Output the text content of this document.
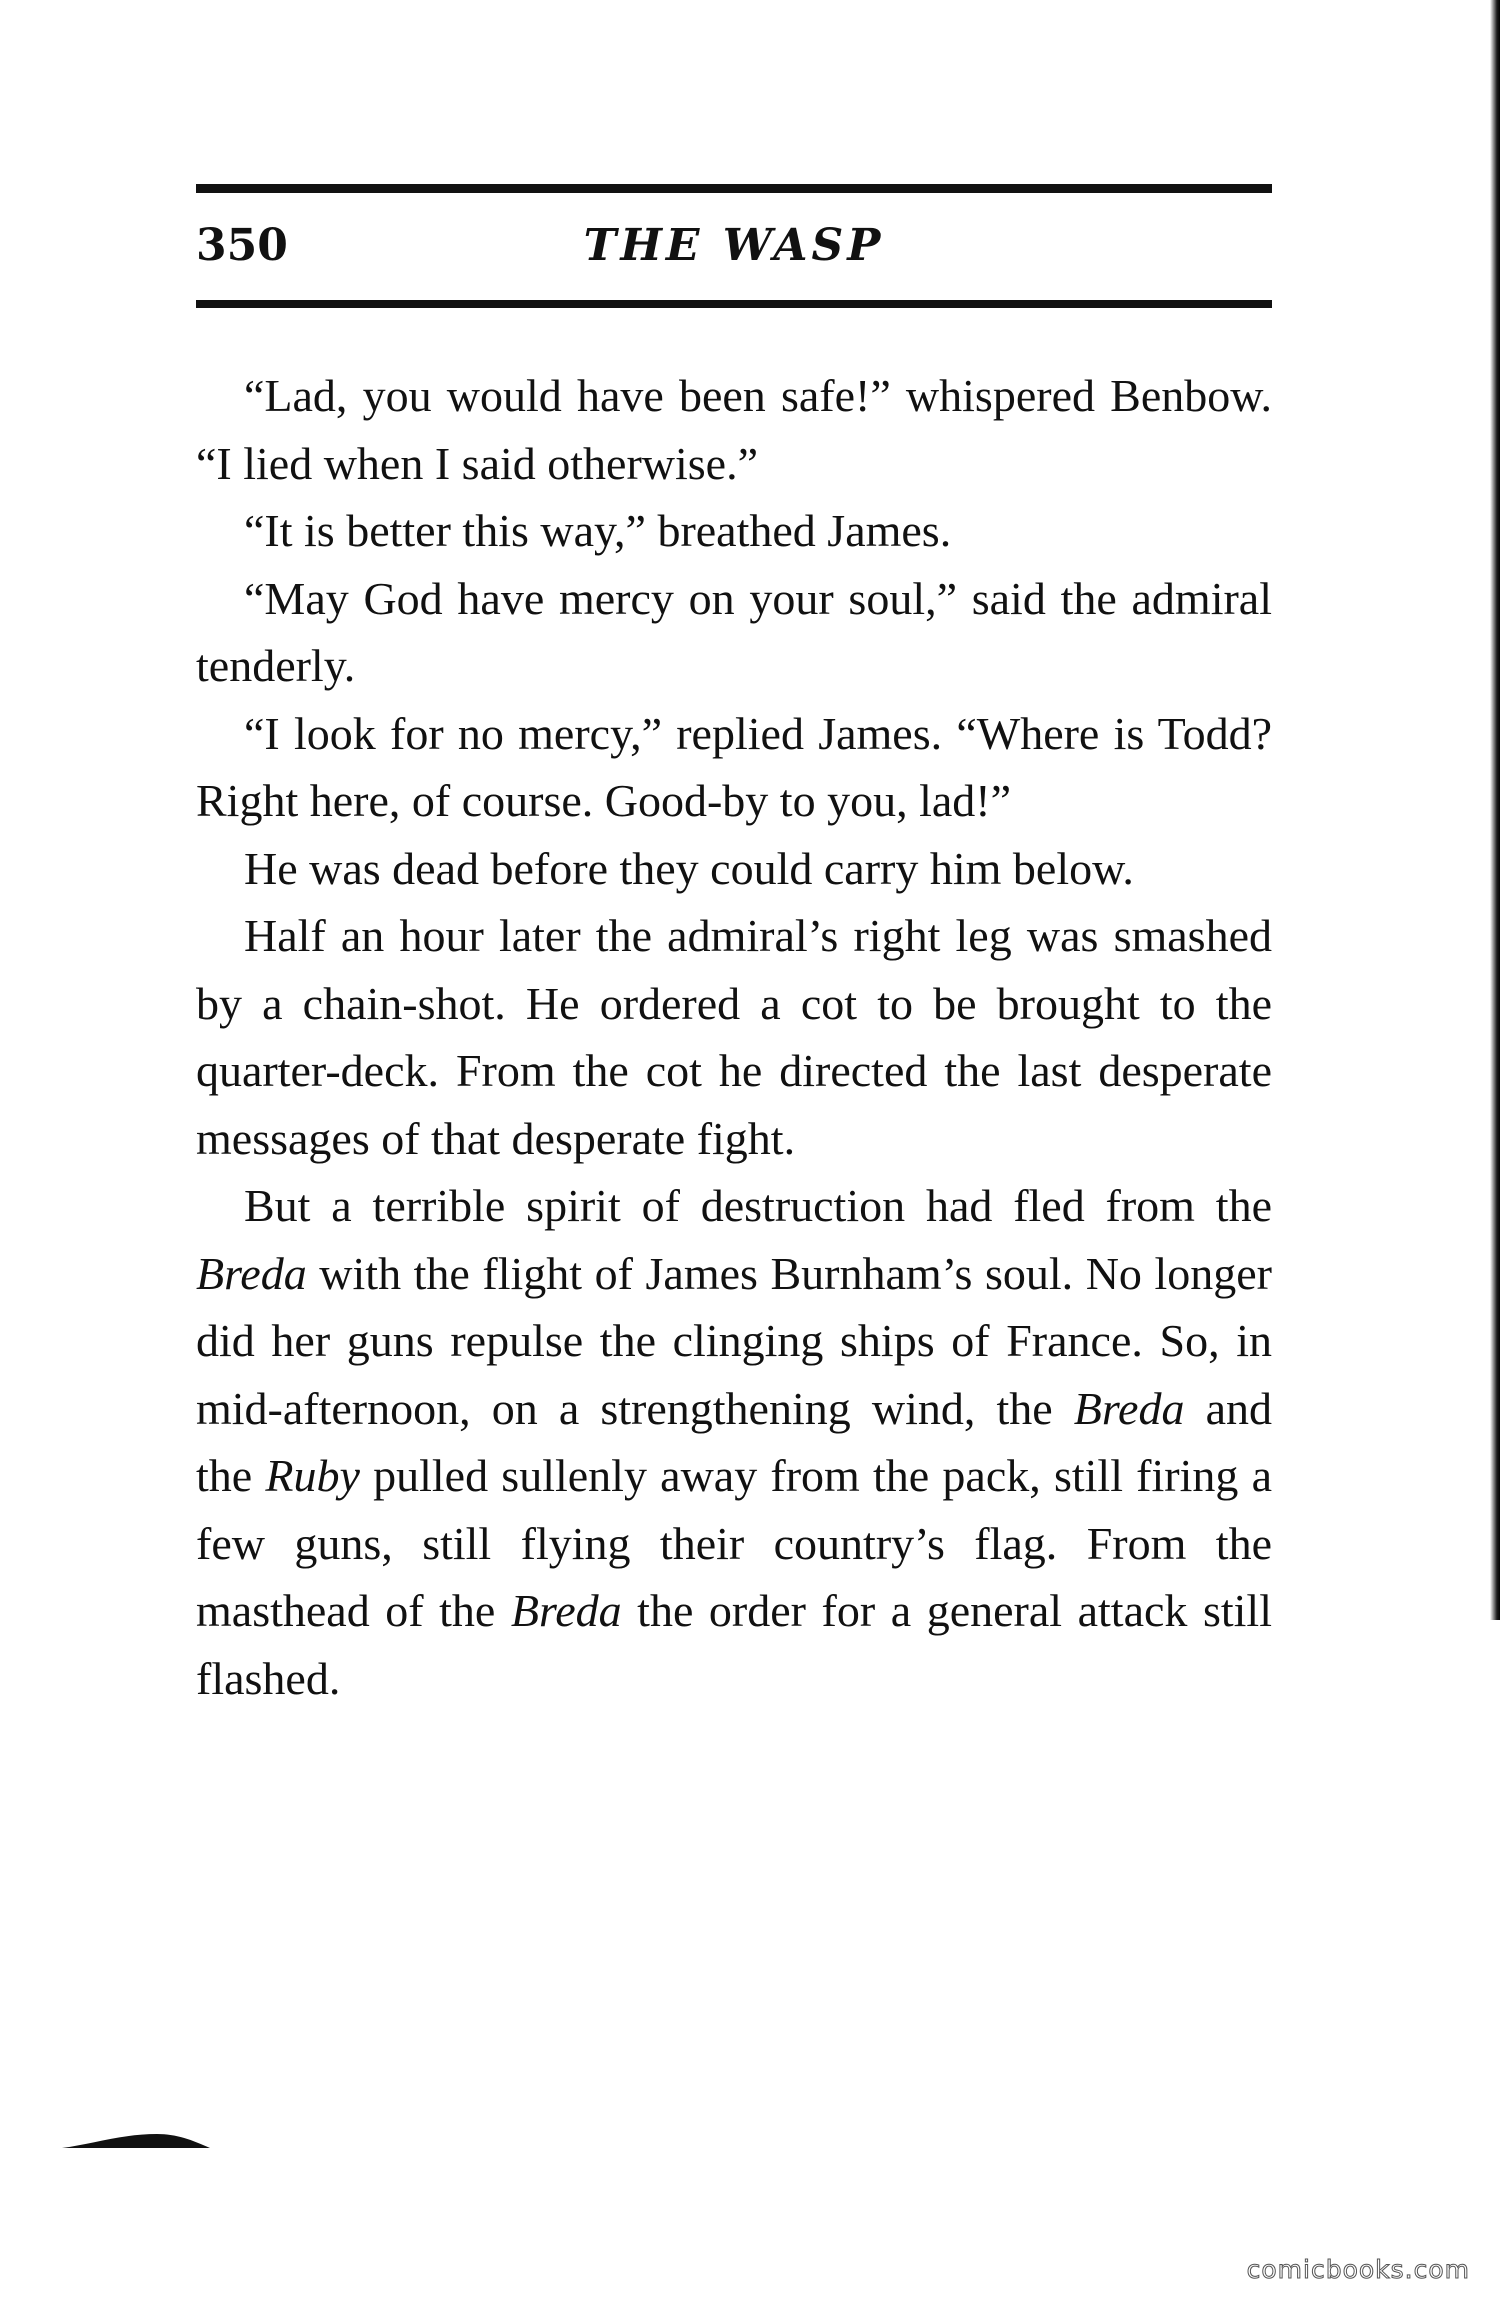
350	THE WASP

“Lad, you would have been safe!” whispered Benbow. “I lied when I said otherwise.”

“It is better this way,” breathed James.

“May God have mercy on your soul,” said the admiral tenderly.

“I look for no mercy,” replied James. “Where is Todd? Right here, of course. Good-by to you, lad!”

He was dead before they could carry him below.

Half an hour later the admiral’s right leg was smashed by a chain-shot. He ordered a cot to be brought to the quarter-deck. From the cot he directed the last desperate messages of that desperate fight.

But a terrible spirit of destruction had fled from the Breda with the flight of James Burnham’s soul. No longer did her guns repulse the clinging ships of France. So, in mid-afternoon, on a strengthening wind, the Breda and the Ruby pulled sullenly away from the pack, still firing a few guns, still flying their country’s flag. From the masthead of the Breda the order for a general attack still flashed.

comicbooks.com
